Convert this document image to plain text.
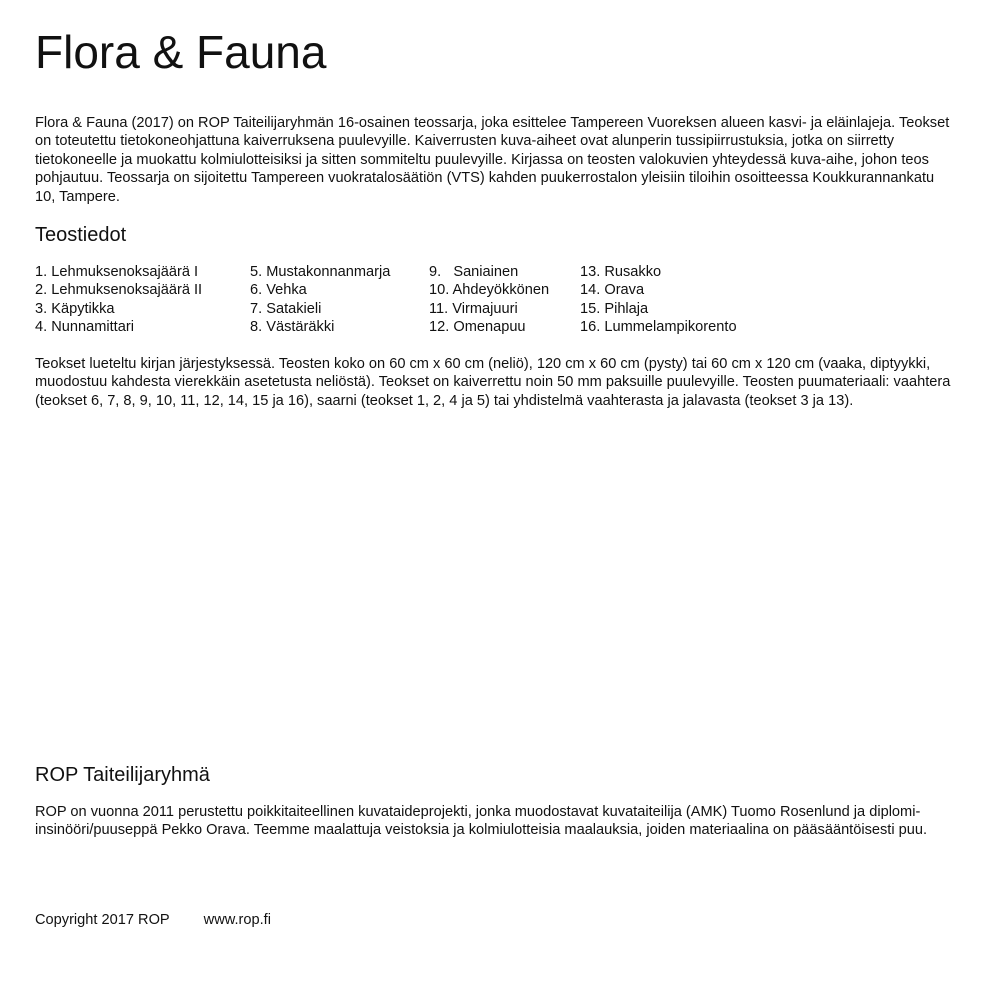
Flora & Fauna

Flora & Fauna (2017) on ROP Taiteilijaryhmän 16-osainen teossarja, joka esittelee Tampereen Vuoreksen alueen kasvi- ja eläinlajeja. Teokset on toteutettu tietokoneohjattuna kaiverruksena puulevyille. Kaiverrusten kuva-aiheet ovat alunperin tussipiirrustuksia, jotka on siirretty tietokoneelle ja muokattu kolmiulotteisiksi ja sitten sommiteltu puulevyille. Kirjassa on teosten valokuvien yhteydessä kuva-aihe, johon teos pohjautuu. Teossarja on sijoitettu Tampereen vuokratalosäätiön (VTS) kahden puukerrostalon yleisiin tiloihin osoitteessa Koukkurannankatu 10, Tampere.

Teostiedot
1. Lehmuksenoksajäärä I
2. Lehmuksenoksajäärä II
3. Käpytikka
4. Nunnamittari
5. Mustakonnanmarja
6. Vehka
7. Satakieli
8. Västäräkki
9.   Saniainen
10. Ahdeyökkönen
11. Virmajuuri
12. Omenapuu
13. Rusakko
14. Orava
15. Pihlaja
16. Lummelampikorento

Teokset lueteltu kirjan järjestyksessä. Teosten koko on 60 cm x 60 cm (neliö), 120 cm x 60 cm (pysty) tai 60 cm x 120 cm (vaaka, diptyykki, muodostuu kahdesta vierekkäin asetetusta neliöstä). Teokset on kaiverrettu noin 50 mm paksuille puulevyille. Teosten puumateriaali: vaahtera (teokset 6, 7, 8, 9, 10, 11, 12, 14, 15 ja 16), saarni (teokset 1, 2, 4 ja 5) tai yhdistelmä vaahterasta ja jalavasta (teokset 3 ja 13).

ROP Taiteilijaryhmä

ROP on vuonna 2011 perustettu poikkitaiteellinen kuvataideprojekti, jonka muodostavat kuvataiteilija (AMK) Tuomo Rosenlund ja diplomi-insinööri/puuseppä Pekko Orava. Teemme maalattuja veistoksia ja kolmiulotteisia maalauksia, joiden materiaalina on pääsääntöisesti puu.

Copyright 2017 ROP www.rop.fi
